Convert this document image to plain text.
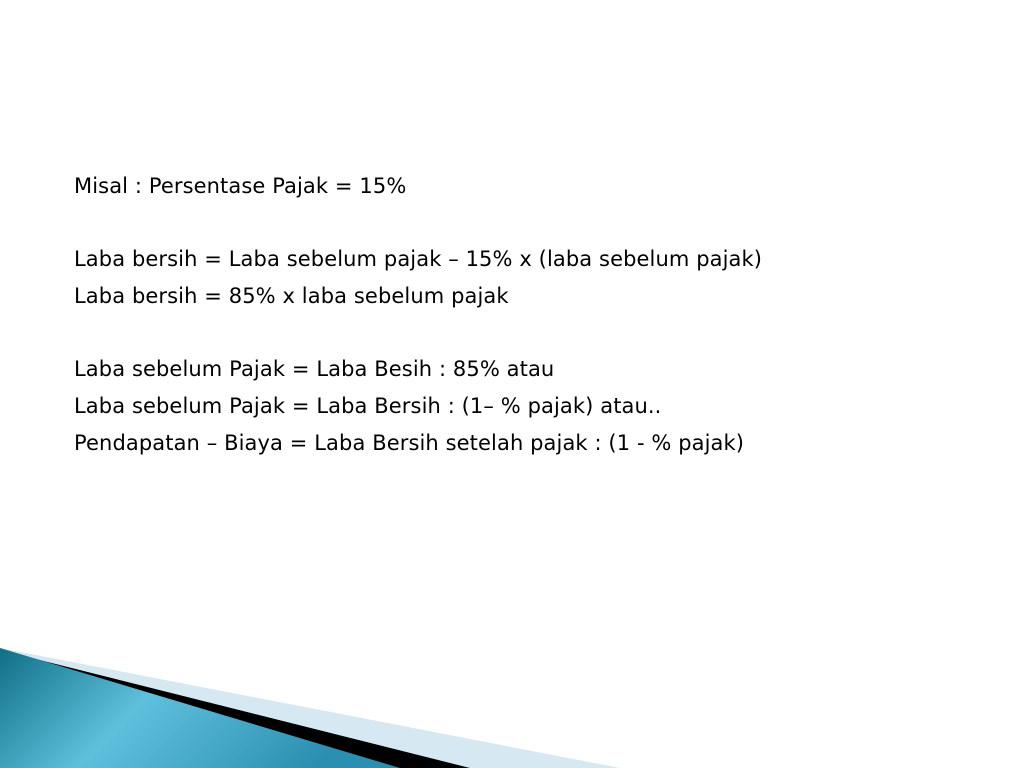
Misal : Persentase Pajak = 15%
Laba bersih = Laba sebelum pajak – 15% x (laba sebelum pajak)
Laba bersih = 85% x laba sebelum pajak
Laba sebelum Pajak = Laba Besih : 85% atau
Laba sebelum Pajak = Laba Bersih : (1– % pajak) atau..
Pendapatan – Biaya = Laba Bersih setelah pajak : (1 - % pajak)
